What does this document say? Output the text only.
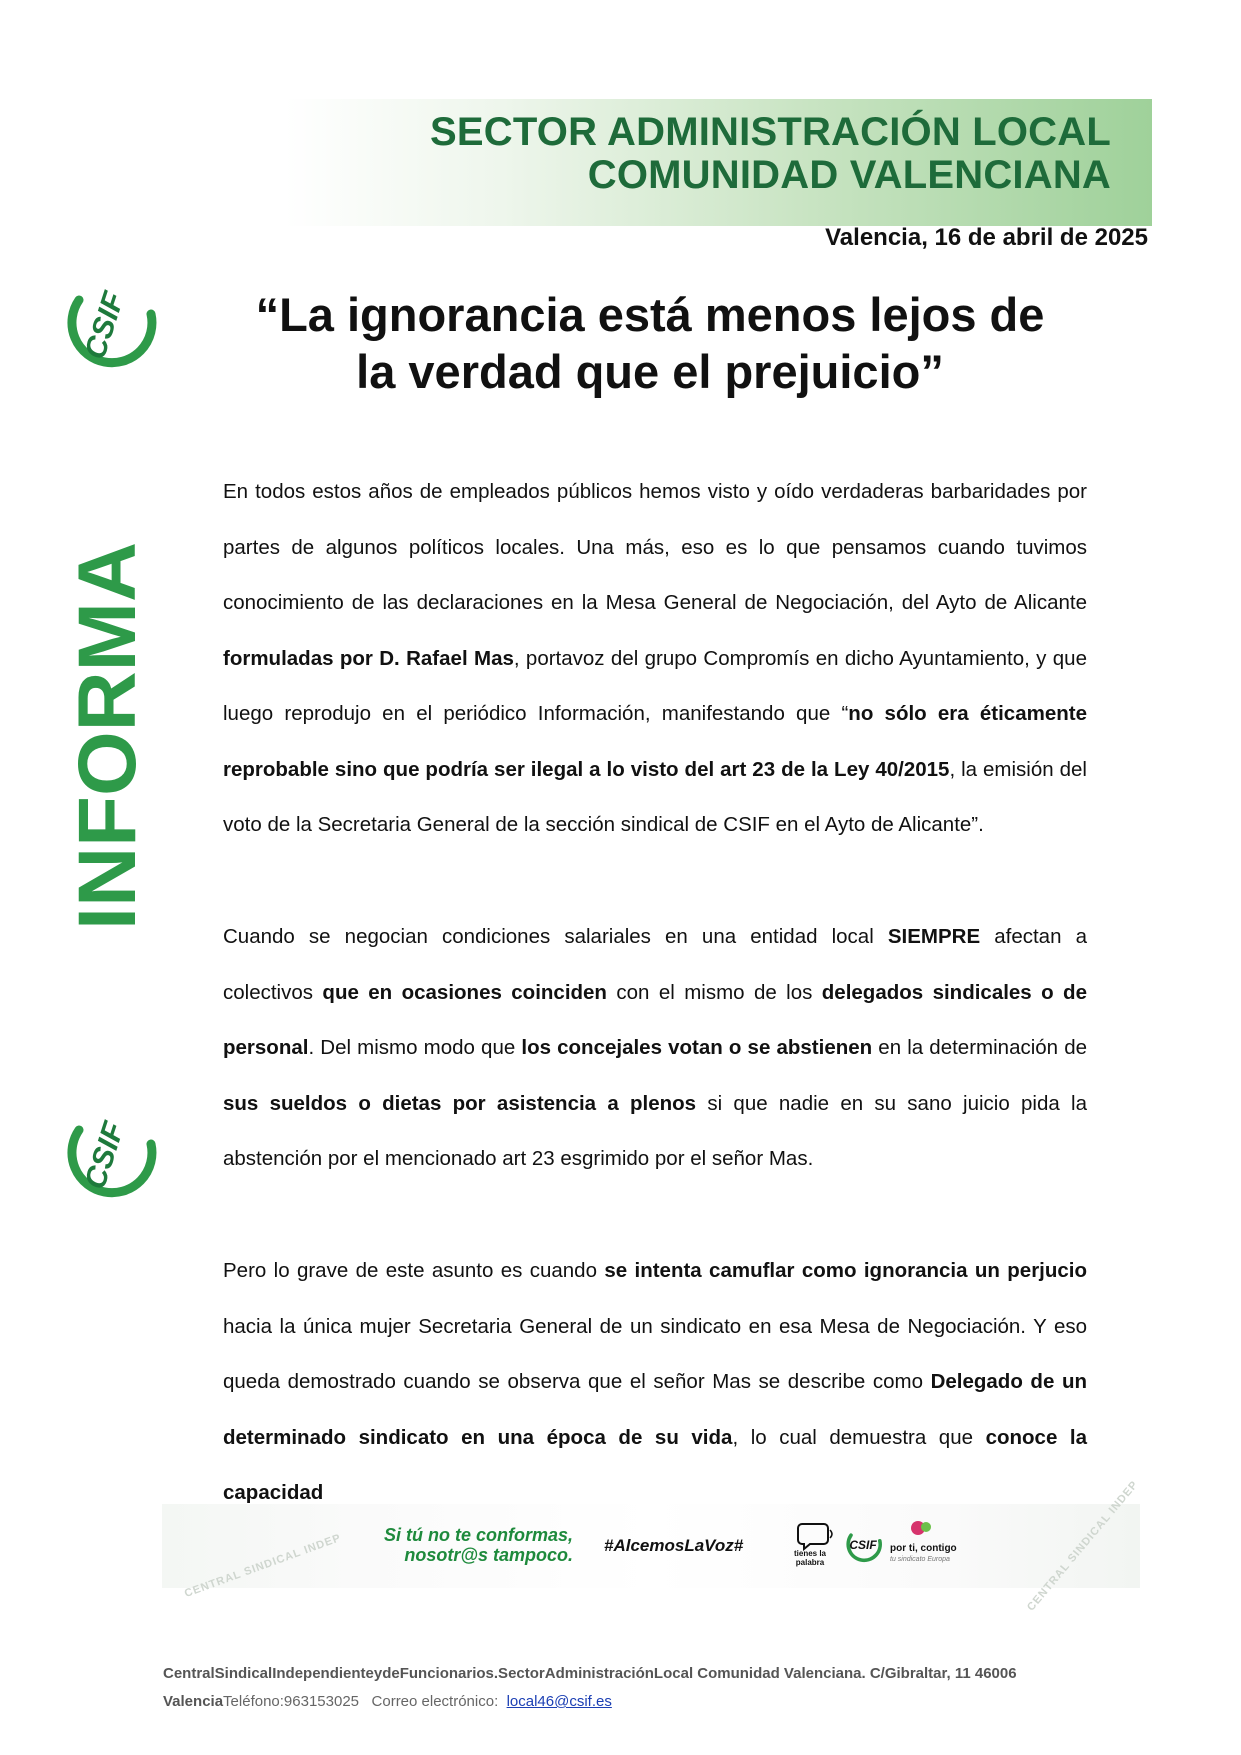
SECTOR ADMINISTRACIÓN LOCAL
COMUNIDAD VALENCIANA
Valencia, 16 de abril de 2025
CSIF
CSIF
INFORMA
“La ignorancia está menos lejos de
la verdad que el prejuicio”

En todos estos años de empleados públicos hemos visto y oído verdaderas barbaridades por partes de algunos políticos locales. Una más, eso es lo que pensamos cuando tuvimos conocimiento de las declaraciones en la Mesa General de Negociación, del Ayto de Alicante formuladas por D. Rafael Mas, portavoz del grupo Compromís en dicho Ayuntamiento, y que luego reprodujo en el periódico Información, manifestando que “no sólo era éticamente reprobable sino que podría ser ilegal a lo visto del art 23 de la Ley 40/2015, la emisión del voto de la Secretaria General de la sección sindical de CSIF en el Ayto de Alicante”.

Cuando se negocian condiciones salariales en una entidad local SIEMPRE afectan a colectivos que en ocasiones coinciden con el mismo de los delegados sindicales o de personal. Del mismo modo que los concejales votan o se abstienen en la determinación de sus sueldos o dietas por asistencia a plenos si que nadie en su sano juicio pida la abstención por el mencionado art 23 esgrimido por el señor Mas.

Pero lo grave de este asunto es cuando se intenta camuflar como ignorancia un perjucio hacia la única mujer Secretaria General de un sindicato en esa Mesa de Negociación. Y eso queda demostrado cuando se observa que el señor Mas se describe como Delegado de un determinado sindicato en una época de su vida, lo cual demuestra que conoce la capacidad

CENTRAL SINDICAL INDEP	CENTRAL SINDICAL INDEP
Si tú no te conformas,
nosotr@s tampoco. #AlcemosLaVoz#	tienes la
palabra
CSIF por ti, contigo
tu sindicato Europa
CentralSindicalIndependienteydeFuncionarios.SectorAdministraciónLocal Comunidad Valenciana. C/Gibraltar, 11 46006
ValenciaTeléfono:963153025   Correo electrónico:  local46@csif.es
